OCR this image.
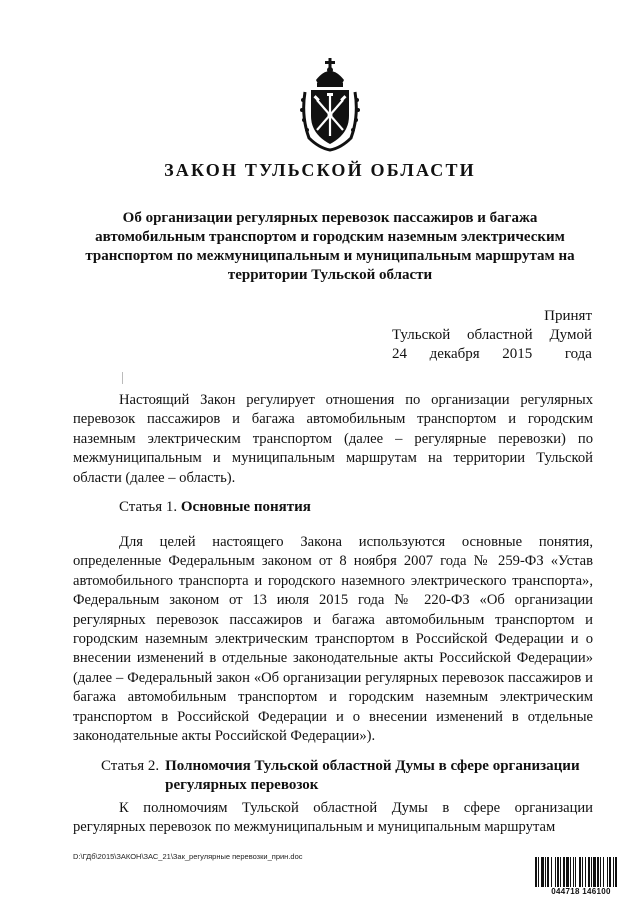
ЗАКОН ТУЛЬСКОЙ ОБЛАСТИ
Об организации регулярных перевозок пассажиров и багажа
автомобильным транспортом и городским наземным электрическим
транспортом по межмуниципальным и муниципальным маршрутам на
территории Тульской области
Принят
Тульской областной Думой
24 декабря 2015 года

Настоящий Закон регулирует отношения по организации регулярных перевозок пассажиров и багажа автомобильным транспортом и городским наземным электрическим транспортом (далее – регулярные перевозки) по межмуниципальным и муниципальным маршрутам на территории Тульской области (далее – область).

Статья 1. Основные понятия

Для целей настоящего Закона используются основные понятия, определенные Федеральным законом от 8 ноября 2007 года № 259-ФЗ «Устав автомобильного транспорта и городского наземного электрического транспорта», Федеральным законом от 13 июля 2015 года № 220-ФЗ «Об организации регулярных перевозок пассажиров и багажа автомобильным транспортом и городским наземным электрическим транспортом в Российской Федерации и о внесении изменений в отдельные законодательные акты Российской Федерации» (далее – Федеральный закон «Об организации регулярных перевозок пассажиров и багажа автомобильным транспортом и городским наземным электрическим транспортом в Российской Федерации и о внесении изменений в отдельные законодательные акты Российской Федерации»).

Статья 2. Полномочия Тульской областной Думы в сфере организации
регулярных перевозок

К полномочиям Тульской областной Думы в сфере организации регулярных перевозок по межмуниципальным и муниципальным маршрутам

D:\ГДб\2015\ЗАКОН\ЗАС_21\Зак_регулярные перевозки_прин.doc
044718 146100
